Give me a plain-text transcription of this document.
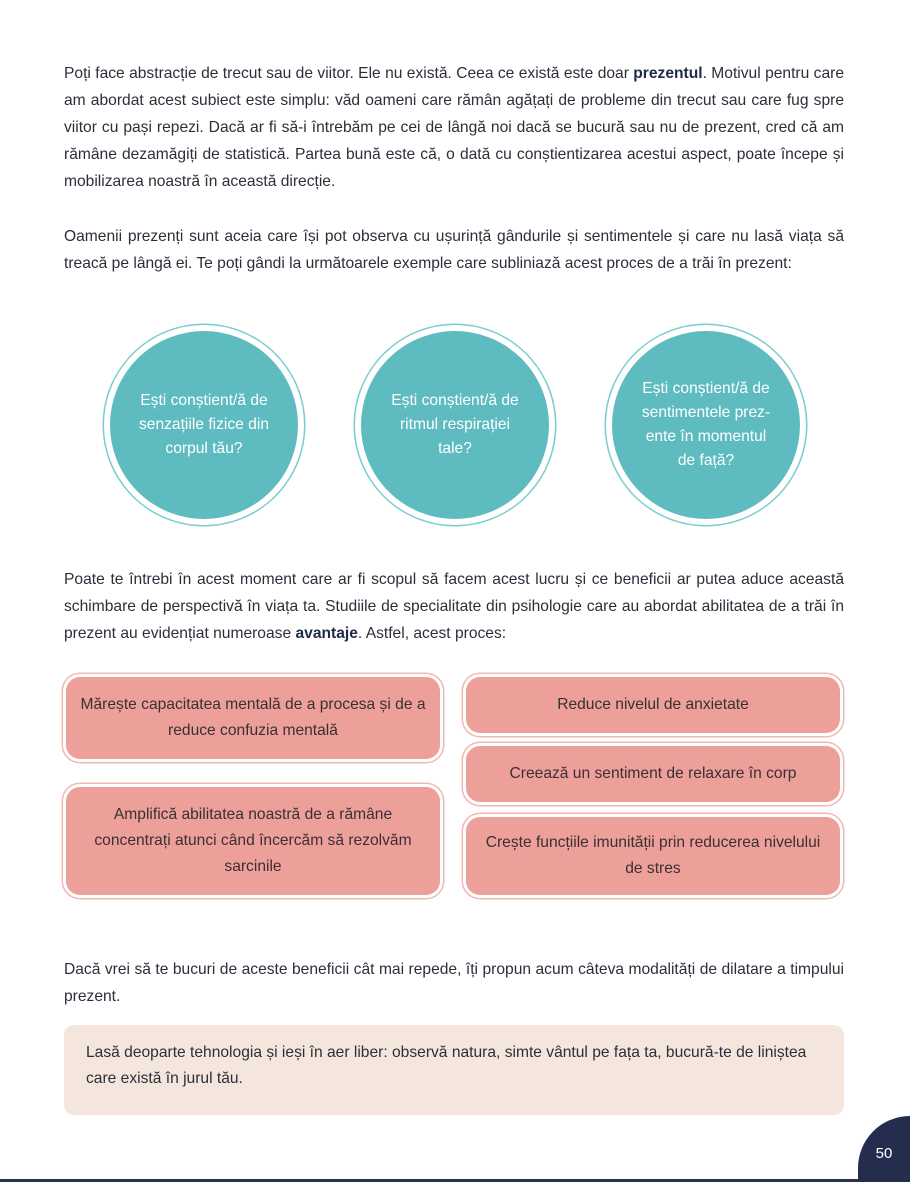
Poți face abstracție de trecut sau de viitor. Ele nu există. Ceea ce există este doar prezentul. Motivul pentru care am abordat acest subiect este simplu: văd oameni care rămân agățați de probleme din trecut sau care fug spre viitor cu pași repezi. Dacă ar fi să-i întrebăm pe cei de lângă noi dacă se bucură sau nu de prezent, cred că am rămâne dezamăgiți de statistică. Partea bună este că, o dată cu conștientizarea acestui aspect, poate începe și mobilizarea noastră în această direcție.

Oamenii prezenți sunt aceia care își pot observa cu ușurință gândurile și sentimentele și care nu lasă viața să treacă pe lângă ei. Te poți gândi la următoarele exemple care subliniază acest proces de a trăi în prezent:

Ești conștient/ă de senzațiile fizice din corpul tău?
Ești conștient/ă de ritmul respirației tale?
Ești conștient/ă de sentimentele prez- ente în momentul de față?

Poate te întrebi în acest moment care ar fi scopul să facem acest lucru și ce beneficii ar putea aduce această schimbare de perspectivă în viața ta. Studiile de specialitate din psihologie care au abordat abilitatea de a trăi în prezent au evidențiat numeroase avantaje. Astfel, acest proces:

Mărește capacitatea mentală de a procesa și de a reduce confuzia mentală
Amplifică abilitatea noastră de a rămâne concentrați atunci când încercăm să rezolvăm sarcinile
Reduce nivelul de anxietate
Creează un sentiment de relaxare în corp
Crește funcțiile imunității prin reducerea nivelului de stres

Dacă vrei să te bucuri de aceste beneficii cât mai repede, îți propun acum câteva modalități de dilatare a timpului prezent.

Lasă deoparte tehnologia și ieși în aer liber: observă natura, simte vântul pe fața ta, bucură-te de liniștea care există în jurul tău.
50
